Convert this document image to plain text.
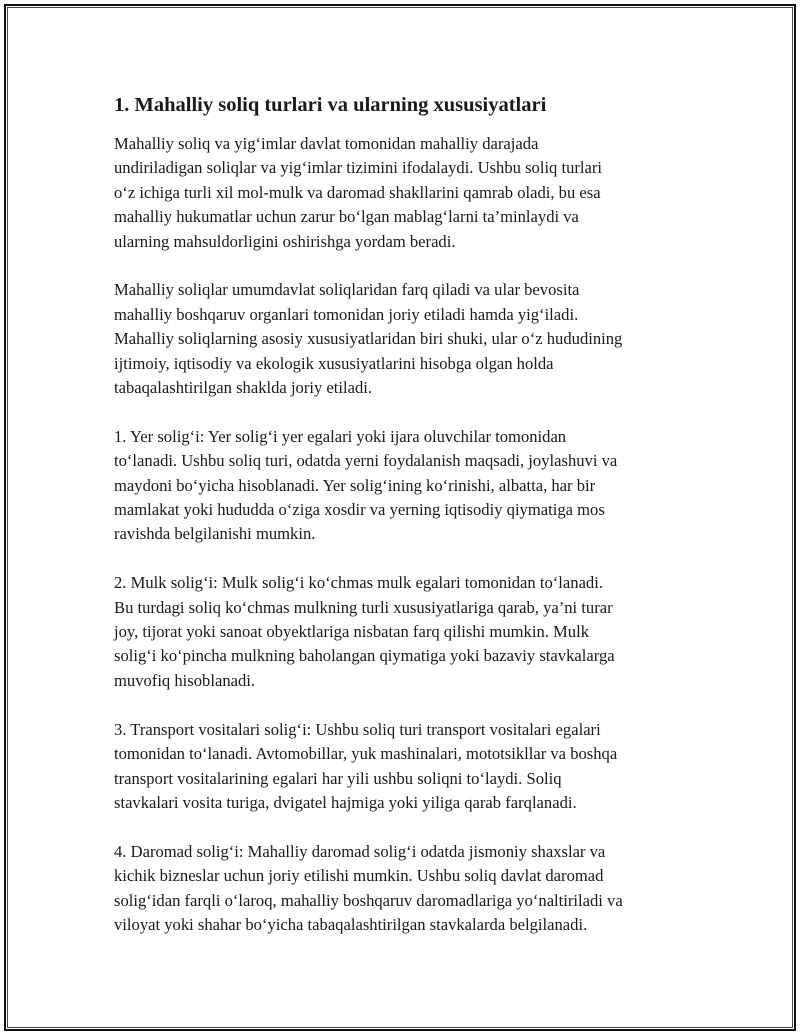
1. Mahalliy soliq turlari va ularning xususiyatlari

Mahalliy soliq va yig‘imlar davlat tomonidan mahalliy darajada
undiriladigan soliqlar va yig‘imlar tizimini ifodalaydi. Ushbu soliq turlari
o‘z ichiga turli xil mol-mulk va daromad shakllarini qamrab oladi, bu esa
mahalliy hukumatlar uchun zarur bo‘lgan mablag‘larni ta’minlaydi va
ularning mahsuldorligini oshirishga yordam beradi.

Mahalliy soliqlar umumdavlat soliqlaridan farq qiladi va ular bevosita
mahalliy boshqaruv organlari tomonidan joriy etiladi hamda yig‘iladi.
Mahalliy soliqlarning asosiy xususiyatlaridan biri shuki, ular o‘z hududining
ijtimoiy, iqtisodiy va ekologik xususiyatlarini hisobga olgan holda
tabaqalashtirilgan shaklda joriy etiladi.

1. Yer solig‘i: Yer solig‘i yer egalari yoki ijara oluvchilar tomonidan
to‘lanadi. Ushbu soliq turi, odatda yerni foydalanish maqsadi, joylashuvi va
maydoni bo‘yicha hisoblanadi. Yer solig‘ining ko‘rinishi, albatta, har bir
mamlakat yoki hududda o‘ziga xosdir va yerning iqtisodiy qiymatiga mos
ravishda belgilanishi mumkin.

2. Mulk solig‘i: Mulk solig‘i ko‘chmas mulk egalari tomonidan to‘lanadi.
Bu turdagi soliq ko‘chmas mulkning turli xususiyatlariga qarab, ya’ni turar
joy, tijorat yoki sanoat obyektlariga nisbatan farq qilishi mumkin. Mulk
solig‘i ko‘pincha mulkning baholangan qiymatiga yoki bazaviy stavkalarga
muvofiq hisoblanadi.

3. Transport vositalari solig‘i: Ushbu soliq turi transport vositalari egalari
tomonidan to‘lanadi. Avtomobillar, yuk mashinalari, mototsikllar va boshqa
transport vositalarining egalari har yili ushbu soliqni to‘laydi. Soliq
stavkalari vosita turiga, dvigatel hajmiga yoki yiliga qarab farqlanadi.

4. Daromad solig‘i: Mahalliy daromad solig‘i odatda jismoniy shaxslar va
kichik bizneslar uchun joriy etilishi mumkin. Ushbu soliq davlat daromad
solig‘idan farqli o‘laroq, mahalliy boshqaruv daromadlariga yo‘naltiriladi va
viloyat yoki shahar bo‘yicha tabaqalashtirilgan stavkalarda belgilanadi.
